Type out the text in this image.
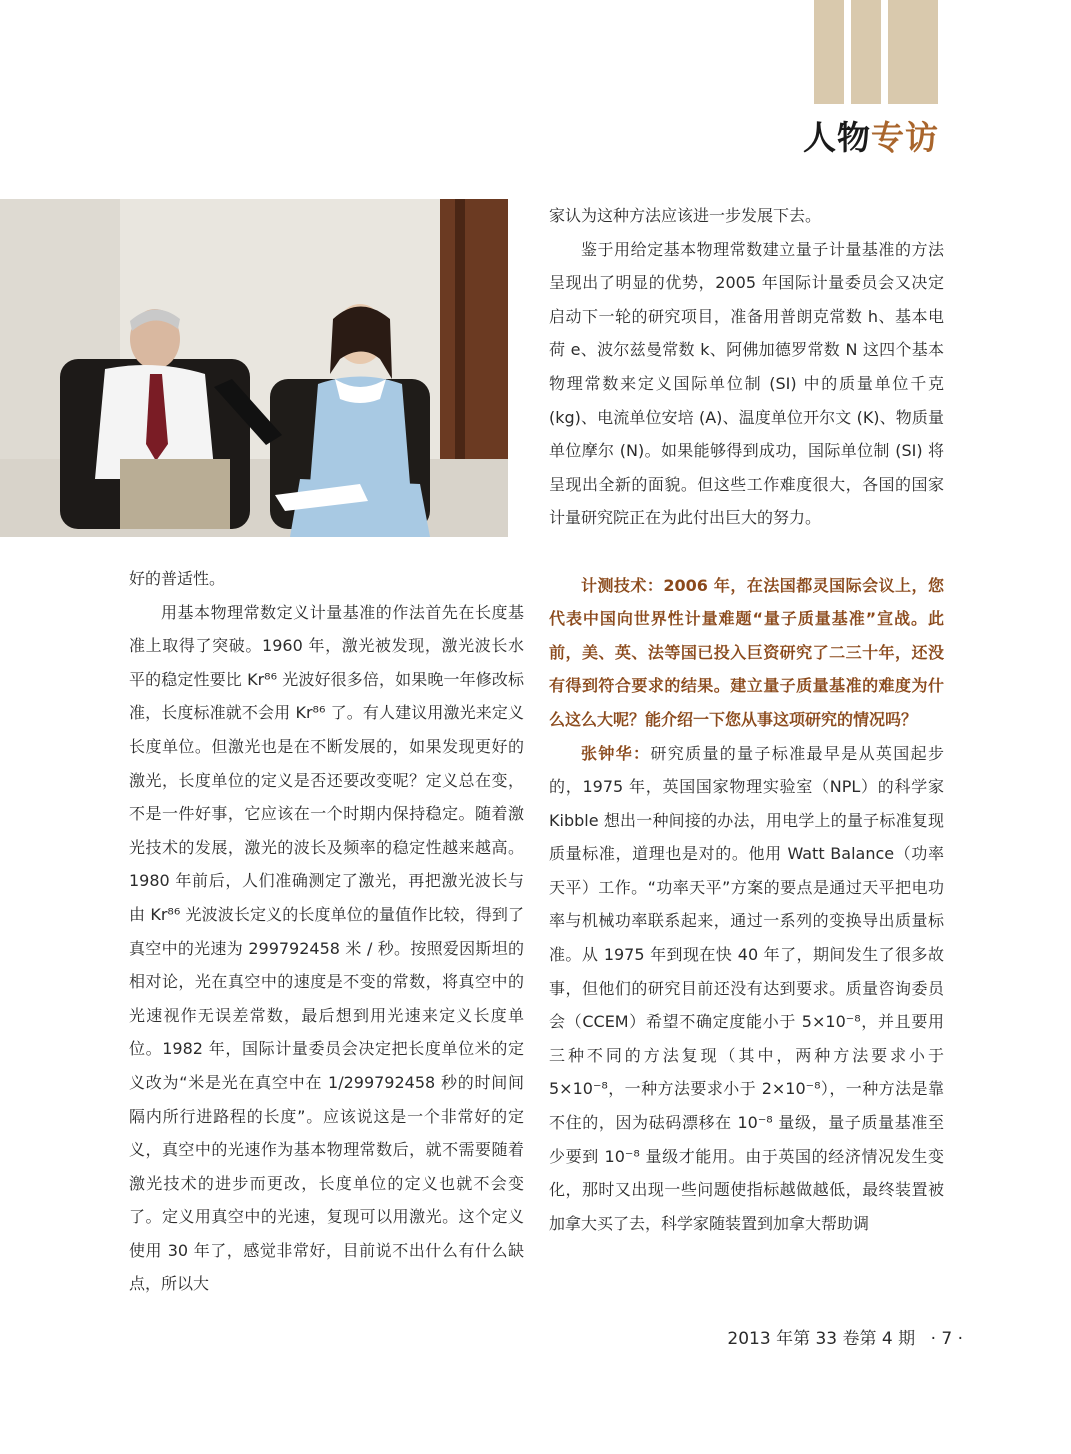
人物专访

好的普适性。

用基本物理常数定义计量基准的作法首先在长度基准上取得了突破。1960 年，激光被发现，激光波长水平的稳定性要比 Kr⁸⁶ 光波好很多倍，如果晚一年修改标准，长度标准就不会用 Kr⁸⁶ 了。有人建议用激光来定义长度单位。但激光也是在不断发展的，如果发现更好的激光，长度单位的定义是否还要改变呢？定义总在变，不是一件好事，它应该在一个时期内保持稳定。随着激光技术的发展，激光的波长及频率的稳定性越来越高。1980 年前后，人们准确测定了激光，再把激光波长与由 Kr⁸⁶ 光波波长定义的长度单位的量值作比较，得到了真空中的光速为 299792458 米 / 秒。按照爱因斯坦的相对论，光在真空中的速度是不变的常数，将真空中的光速视作无误差常数，最后想到用光速来定义长度单位。1982 年，国际计量委员会决定把长度单位米的定义改为“米是光在真空中在 1/299792458 秒的时间间隔内所行进路程的长度”。应该说这是一个非常好的定义，真空中的光速作为基本物理常数后，就不需要随着激光技术的进步而更改，长度单位的定义也就不会变了。定义用真空中的光速，复现可以用激光。这个定义使用 30 年了，感觉非常好，目前说不出什么有什么缺点，所以大

家认为这种方法应该进一步发展下去。

鉴于用给定基本物理常数建立量子计量基准的方法呈现出了明显的优势，2005 年国际计量委员会又决定启动下一轮的研究项目，准备用普朗克常数 h、基本电荷 e、波尔兹曼常数 k、阿佛加德罗常数 N 这四个基本物理常数来定义国际单位制 (SI) 中的质量单位千克 (kg)、电流单位安培 (A)、温度单位开尔文 (K)、物质量单位摩尔 (N)。如果能够得到成功，国际单位制 (SI) 将呈现出全新的面貌。但这些工作难度很大，各国的国家计量研究院正在为此付出巨大的努力。

计测技术：2006 年，在法国都灵国际会议上，您代表中国向世界性计量难题“量子质量基准”宣战。此前，美、英、法等国已投入巨资研究了二三十年，还没有得到符合要求的结果。建立量子质量基准的难度为什么这么大呢？能介绍一下您从事这项研究的情况吗？

张钟华：研究质量的量子标准最早是从英国起步的，1975 年，英国国家物理实验室（NPL）的科学家 Kibble 想出一种间接的办法，用电学上的量子标准复现质量标准，道理也是对的。他用 Watt Balance（功率天平）工作。“功率天平”方案的要点是通过天平把电功率与机械功率联系起来，通过一系列的变换导出质量标准。从 1975 年到现在快 40 年了，期间发生了很多故事，但他们的研究目前还没有达到要求。质量咨询委员会（CCEM）希望不确定度能小于 5×10⁻⁸，并且要用三种不同的方法复现（其中，两种方法要求小于 5×10⁻⁸，一种方法要求小于 2×10⁻⁸），一种方法是靠不住的，因为砝码漂移在 10⁻⁸ 量级，量子质量基准至少要到 10⁻⁸ 量级才能用。由于英国的经济情况发生变化，那时又出现一些问题使指标越做越低，最终装置被加拿大买了去，科学家随装置到加拿大帮助调

2013 年第 33 卷第 4 期 · 7 ·
